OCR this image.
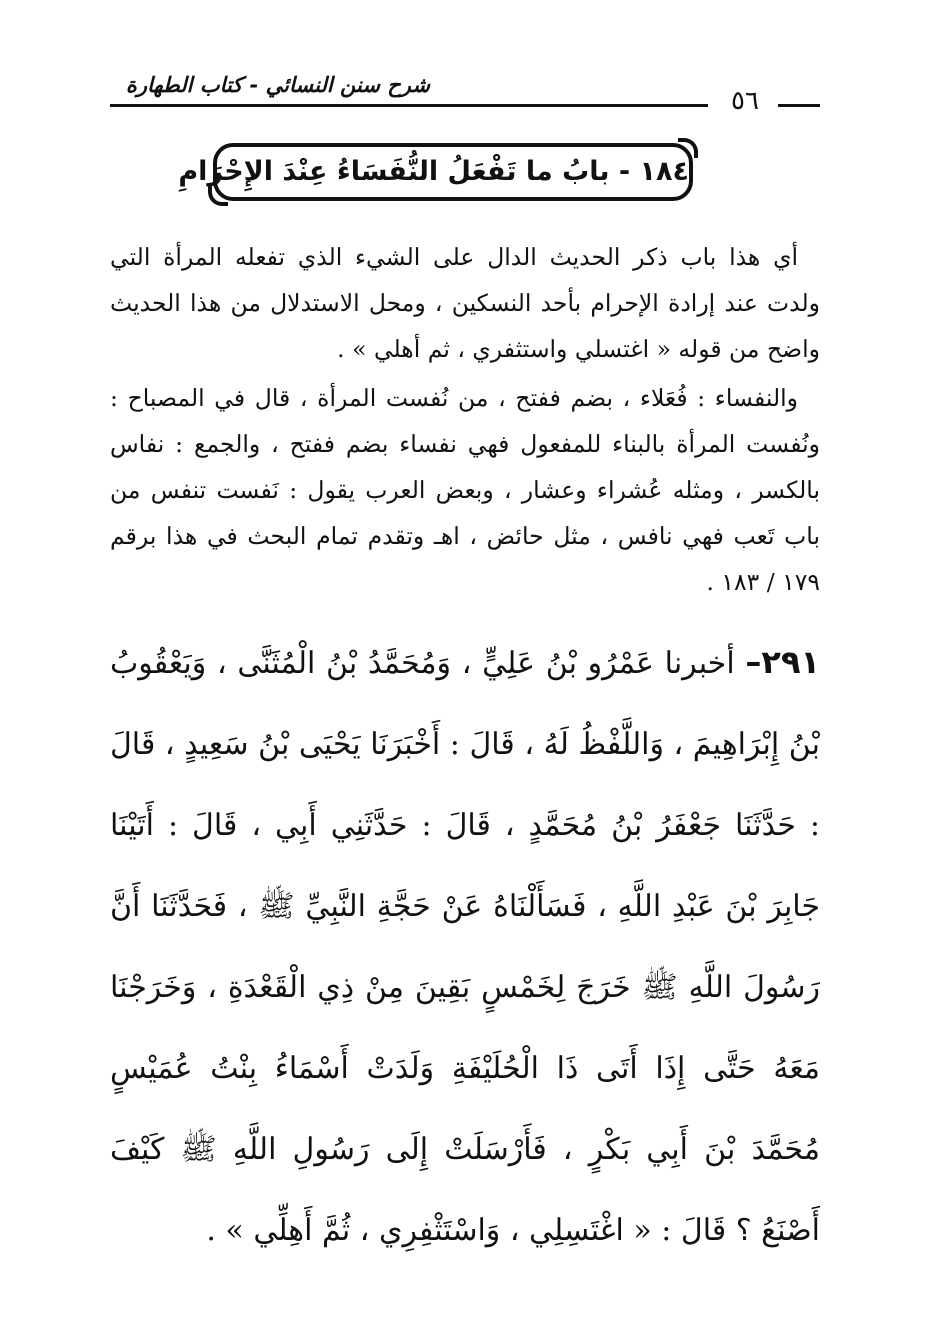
شرح سنن النسائي - كتاب الطهارة
٥٦
١٨٤ - بابُ ما تَفْعَلُ النُّفَسَاءُ عِنْدَ الإِحْرَامِ

أي هذا باب ذكر الحديث الدال على الشيء الذي تفعله المرأة التي ولدت عند إرادة الإحرام بأحد النسكين ، ومحل الاستدلال من هذا الحديث واضح من قوله « اغتسلي واستثفري ، ثم أهلي » .

والنفساء : فُعَلاء ، بضم ففتح ، من نُفست المرأة ، قال في المصباح : ونُفست المرأة بالبناء للمفعول فهي نفساء بضم ففتح ، والجمع : نفاس بالكسر ، ومثله عُشراء وعشار ، وبعض العرب يقول : نَفست تنفس من باب تَعب فهي نافس ، مثل حائض ، اهـ وتقدم تمام البحث في هذا برقم ١٧٩ / ١٨٣ .

٢٩١– أخبرنا عَمْرُو بْنُ عَلِيٍّ ، وَمُحَمَّدُ بْنُ الْمُثَنَّى ، وَيَعْقُوبُ بْنُ إِبْرَاهِيمَ ، وَاللَّفْظُ لَهُ ، قَالَ : أَخْبَرَنَا يَحْيَى بْنُ سَعِيدٍ ، قَالَ : حَدَّثَنَا جَعْفَرُ بْنُ مُحَمَّدٍ ، قَالَ : حَدَّثَنِي أَبِي ، قَالَ : أَتَيْنَا جَابِرَ بْنَ عَبْدِ اللَّهِ ، فَسَأَلْنَاهُ عَنْ حَجَّةِ النَّبِيِّ ﷺ ، فَحَدَّثَنَا أَنَّ رَسُولَ اللَّهِ ﷺ خَرَجَ لِخَمْسٍ بَقِينَ مِنْ ذِي الْقَعْدَةِ ، وَخَرَجْنَا مَعَهُ حَتَّى إِذَا أَتَى ذَا الْحُلَيْفَةِ وَلَدَتْ أَسْمَاءُ بِنْتُ عُمَيْسٍ مُحَمَّدَ بْنَ أَبِي بَكْرٍ ، فَأَرْسَلَتْ إِلَى رَسُولِ اللَّهِ ﷺ كَيْفَ أَصْنَعُ ؟ قَالَ : « اغْتَسِلِي ، وَاسْتَثْفِرِي ، ثُمَّ أَهِلِّي » .
